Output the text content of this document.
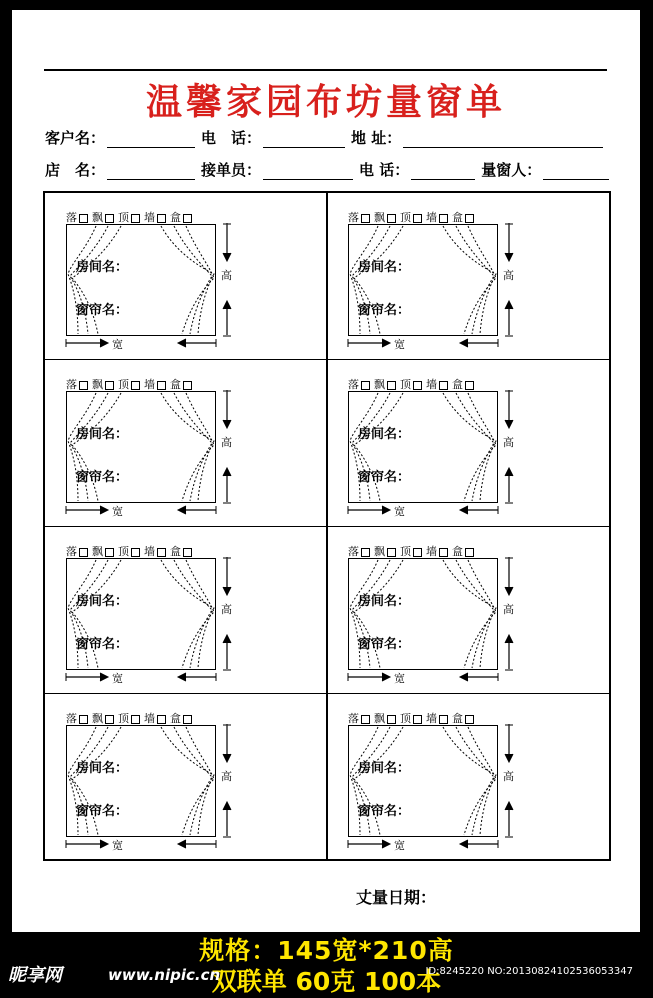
温馨家园布坊量窗单
客户名：	电　话：	地 址：
店　名：	接单员：	电 话：	量窗人：
落 飘 顶 墙 盒
房间名：
窗帘名：
高
宽
落 飘 顶 墙 盒
房间名：
窗帘名：
高
宽
落 飘 顶 墙 盒
房间名：
窗帘名：
高
宽
落 飘 顶 墙 盒
房间名：
窗帘名：
高
宽
落 飘 顶 墙 盒
房间名：
窗帘名：
高
宽
落 飘 顶 墙 盒
房间名：
窗帘名：
高
宽
落 飘 顶 墙 盒
房间名：
窗帘名：
高
宽
落 飘 顶 墙 盒
房间名：
窗帘名：
高
宽
丈量日期：
规格：145宽*210高
双联单 60克 100本
昵享网	www.nipic.cn	ID:8245220 NO:20130824102536053347
